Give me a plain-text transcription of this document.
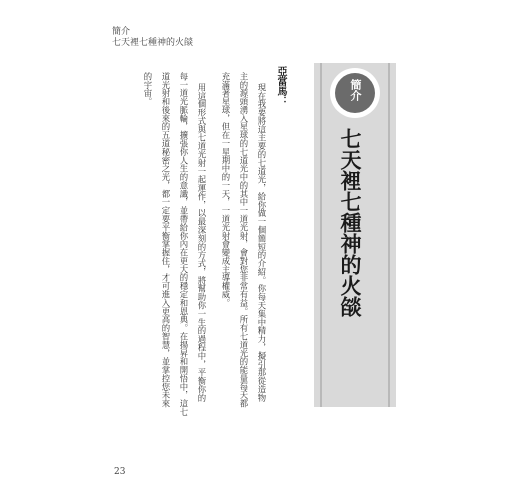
簡介
七天裡七種神的火燄
簡介
七天裡七種神的火燄
亞當馬：
現在我要將這主要的七道光，給你做一個簡短的介紹。你每天集中精力，擬引那從造物
主的源頭湧入星球的七道光中的其中一道光射，會對您非常有益。所有七道光的能量每天都
充滿著星球，但在一星期中的一天，一道光射會變成主導權威。
用這個形式與七道光射一起運作，以最深刻的方式，將幫助你一生的過程中，平衡你的
每一道光脈輪，擴張你人生的意識，並帶給你內在更大的穩定和恩典。在揚昇和開悟中，這七
道光射和後來的五道秘密之光，都一定要平衡掌握住，才可進入更高的智慧，並掌控您未來
的宇宙。
23
